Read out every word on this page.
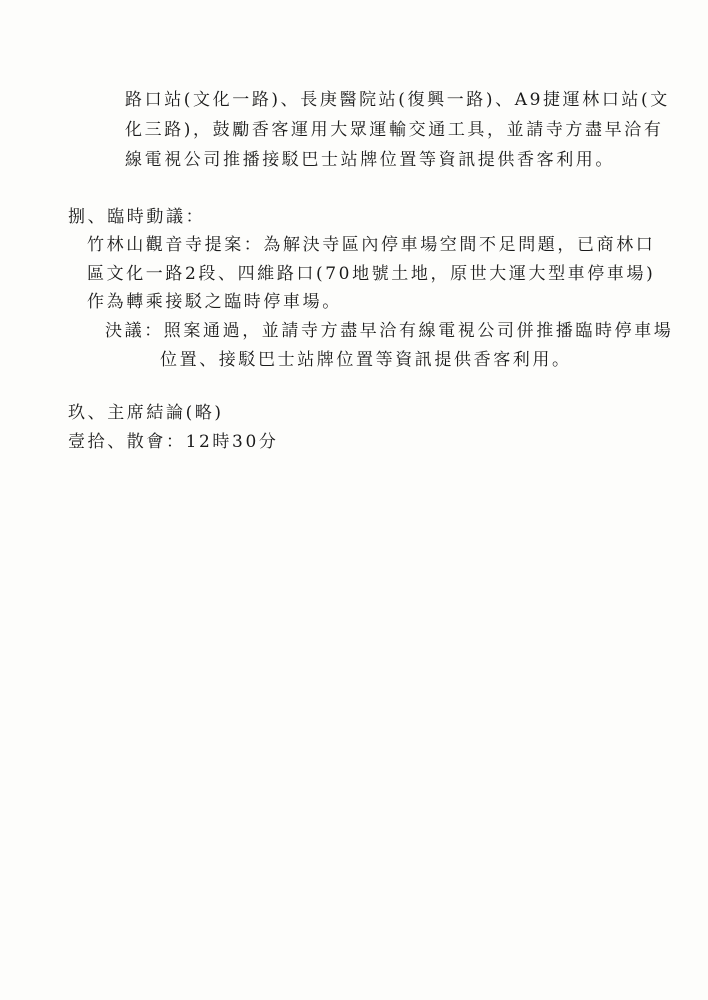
路口站(文化一路)、長庚醫院站(復興一路)、A9捷運林口站(文
化三路)，鼓勵香客運用大眾運輸交通工具，並請寺方盡早洽有
線電視公司推播接駁巴士站牌位置等資訊提供香客利用。
捌、臨時動議：
竹林山觀音寺提案：為解決寺區內停車場空間不足問題，已商林口
區文化一路2段、四維路口(70地號土地，原世大運大型車停車場)
作為轉乘接駁之臨時停車場。
決議：照案通過，並請寺方盡早洽有線電視公司併推播臨時停車場
位置、接駁巴士站牌位置等資訊提供香客利用。
玖、主席結論(略)
壹拾、散會：12時30分
